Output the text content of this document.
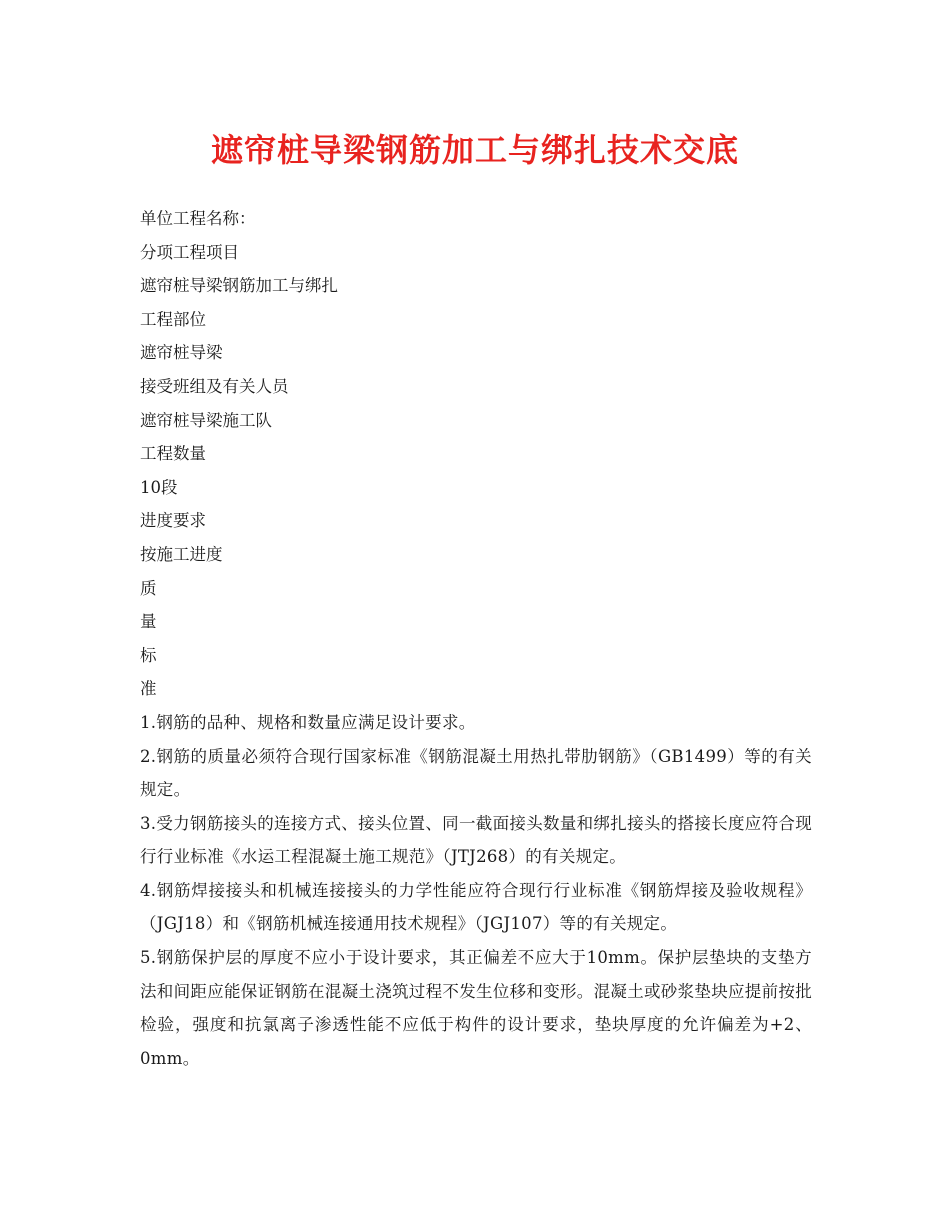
遮帘桩导梁钢筋加工与绑扎技术交底

单位工程名称：

分项工程项目

遮帘桩导梁钢筋加工与绑扎

工程部位

遮帘桩导梁

接受班组及有关人员

遮帘桩导梁施工队

工程数量

10段

进度要求

按施工进度

质

量

标

准

1.钢筋的品种、规格和数量应满足设计要求。

2.钢筋的质量必须符合现行国家标准《钢筋混凝土用热扎带肋钢筋》（GB1499）等的有关规定。

3.受力钢筋接头的连接方式、接头位置、同一截面接头数量和绑扎接头的搭接长度应符合现行行业标准《水运工程混凝土施工规范》（JTJ268）的有关规定。

4.钢筋焊接接头和机械连接接头的力学性能应符合现行行业标准《钢筋焊接及验收规程》（JGJ18）和《钢筋机械连接通用技术规程》（JGJ107）等的有关规定。

5.钢筋保护层的厚度不应小于设计要求，其正偏差不应大于10mm。保护层垫块的支垫方法和间距应能保证钢筋在混凝土浇筑过程不发生位移和变形。混凝土或砂浆垫块应提前按批检验，强度和抗氯离子渗透性能不应低于构件的设计要求，垫块厚度的允许偏差为+2、0mm。
